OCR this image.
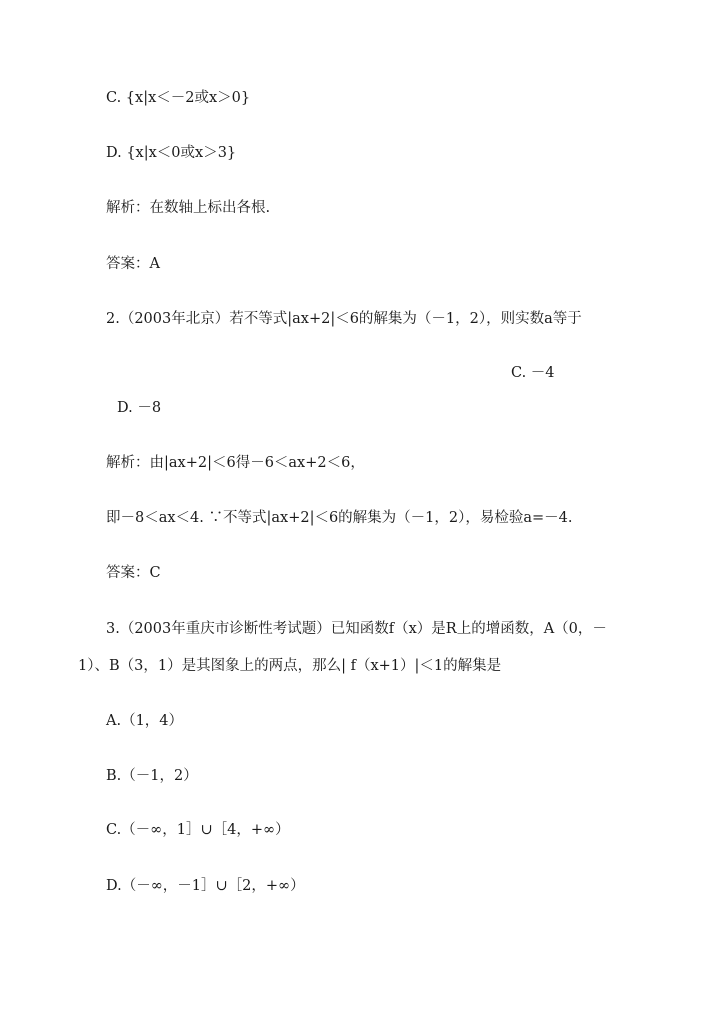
C. {x|x＜－2或x＞0}
D. {x|x＜0或x＞3}
解析：在数轴上标出各根.
答案：A
2.（2003年北京）若不等式|ax+2|＜6的解集为（－1，2），则实数a等于
C. －4
D. －8
解析：由|ax+2|＜6得－6＜ax+2＜6，
即－8＜ax＜4. ∵不等式|ax+2|＜6的解集为（－1，2），易检验a=－4.
答案：C
3.（2003年重庆市诊断性考试题）已知函数f（x）是R上的增函数，A（0，－
1）、B（3，1）是其图象上的两点，那么| f（x+1）|＜1的解集是
A.（1，4）
B.（－1，2）
C.（－∞，1］∪［4，+∞）
D.（－∞，－1］∪［2，+∞）
